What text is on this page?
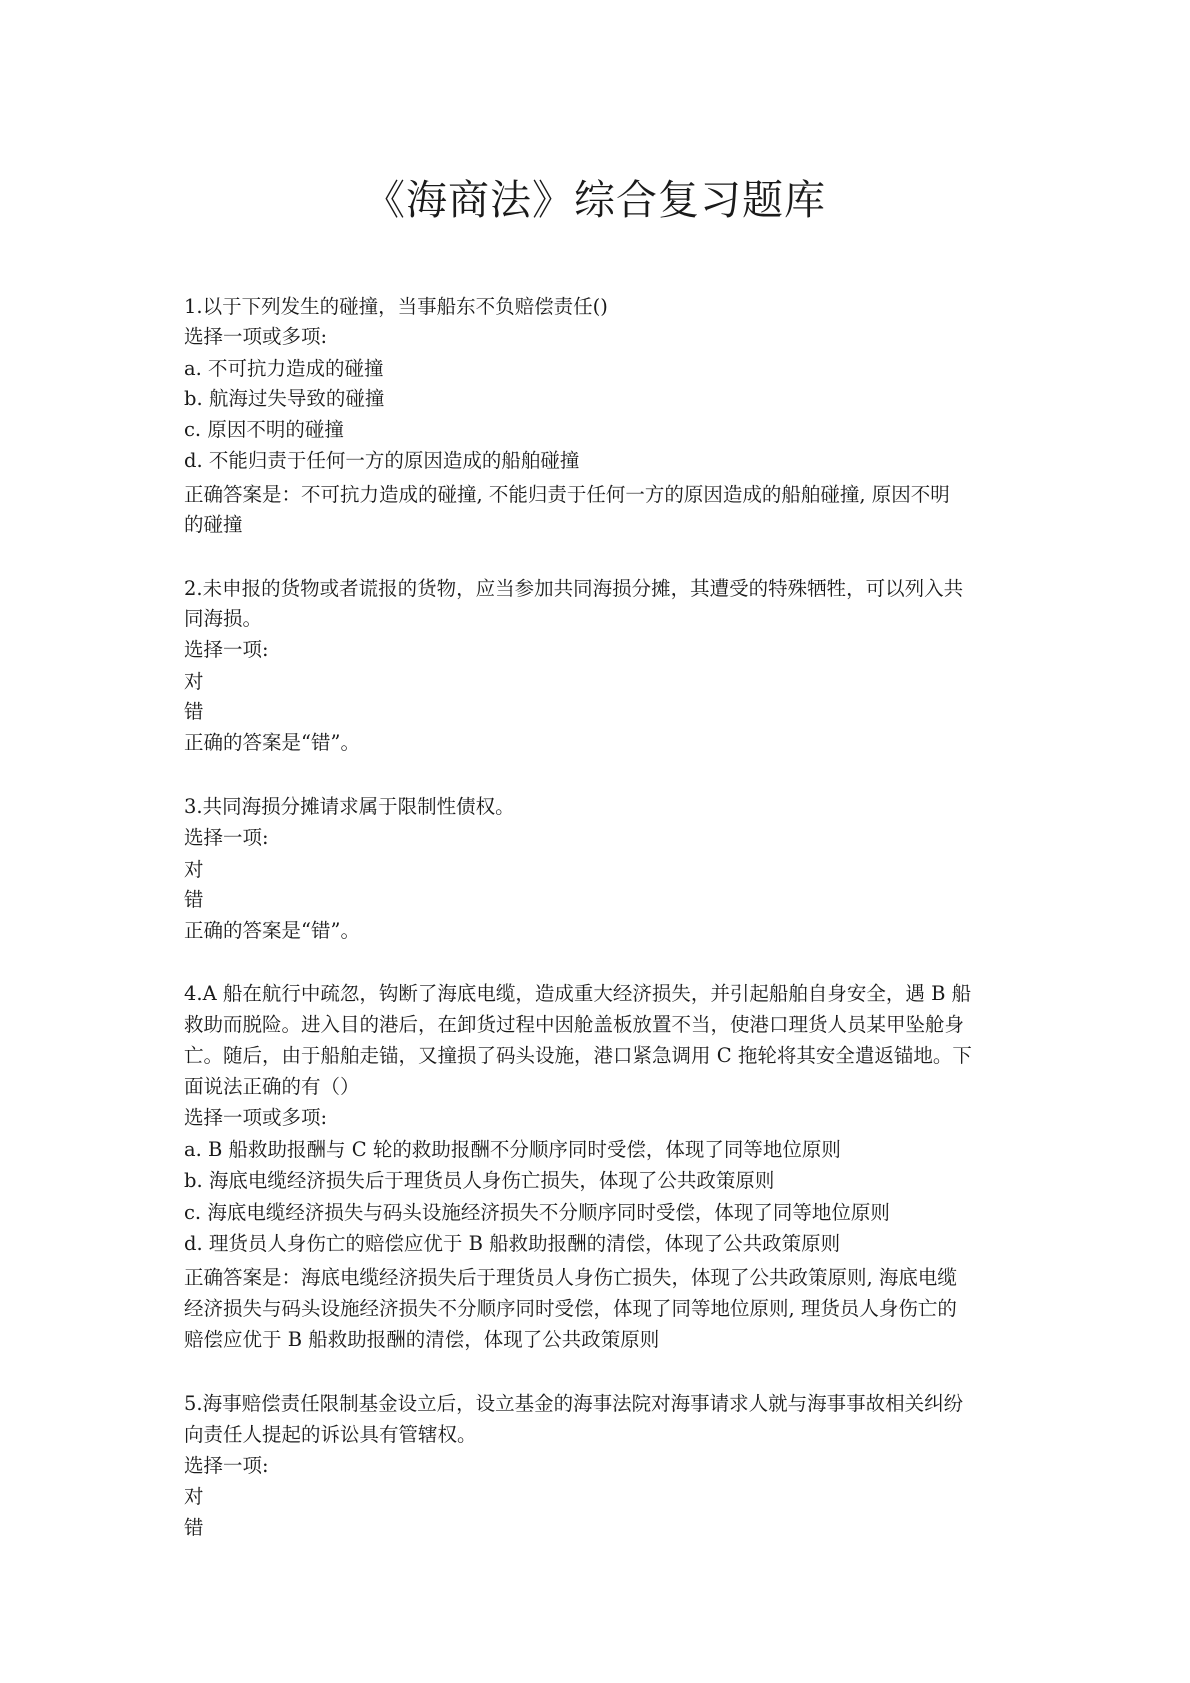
《海商法》综合复习题库

1.以于下列发生的碰撞，当事船东不负赔偿责任()

选择一项或多项:

a. 不可抗力造成的碰撞

b. 航海过失导致的碰撞

c. 原因不明的碰撞

d. 不能归责于任何一方的原因造成的船舶碰撞

正确答案是：不可抗力造成的碰撞, 不能归责于任何一方的原因造成的船舶碰撞, 原因不明

的碰撞

2.未申报的货物或者谎报的货物，应当参加共同海损分摊，其遭受的特殊牺牲，可以列入共

同海损。

选择一项:

对

错

正确的答案是“错”。

3.共同海损分摊请求属于限制性债权。

选择一项:

对

错

正确的答案是“错”。

4.A 船在航行中疏忽，钩断了海底电缆，造成重大经济损失，并引起船舶自身安全，遇 B 船

救助而脱险。进入目的港后，在卸货过程中因舱盖板放置不当，使港口理货人员某甲坠舱身

亡。随后，由于船舶走锚，又撞损了码头设施，港口紧急调用 C 拖轮将其安全遣返锚地。下

面说法正确的有（）

选择一项或多项:

a. B 船救助报酬与 C 轮的救助报酬不分顺序同时受偿，体现了同等地位原则

b. 海底电缆经济损失后于理货员人身伤亡损失，体现了公共政策原则

c. 海底电缆经济损失与码头设施经济损失不分顺序同时受偿，体现了同等地位原则

d. 理货员人身伤亡的赔偿应优于 B 船救助报酬的清偿，体现了公共政策原则

正确答案是：海底电缆经济损失后于理货员人身伤亡损失，体现了公共政策原则, 海底电缆

经济损失与码头设施经济损失不分顺序同时受偿，体现了同等地位原则, 理货员人身伤亡的

赔偿应优于 B 船救助报酬的清偿，体现了公共政策原则

5.海事赔偿责任限制基金设立后，设立基金的海事法院对海事请求人就与海事事故相关纠纷

向责任人提起的诉讼具有管辖权。

选择一项:

对

错
